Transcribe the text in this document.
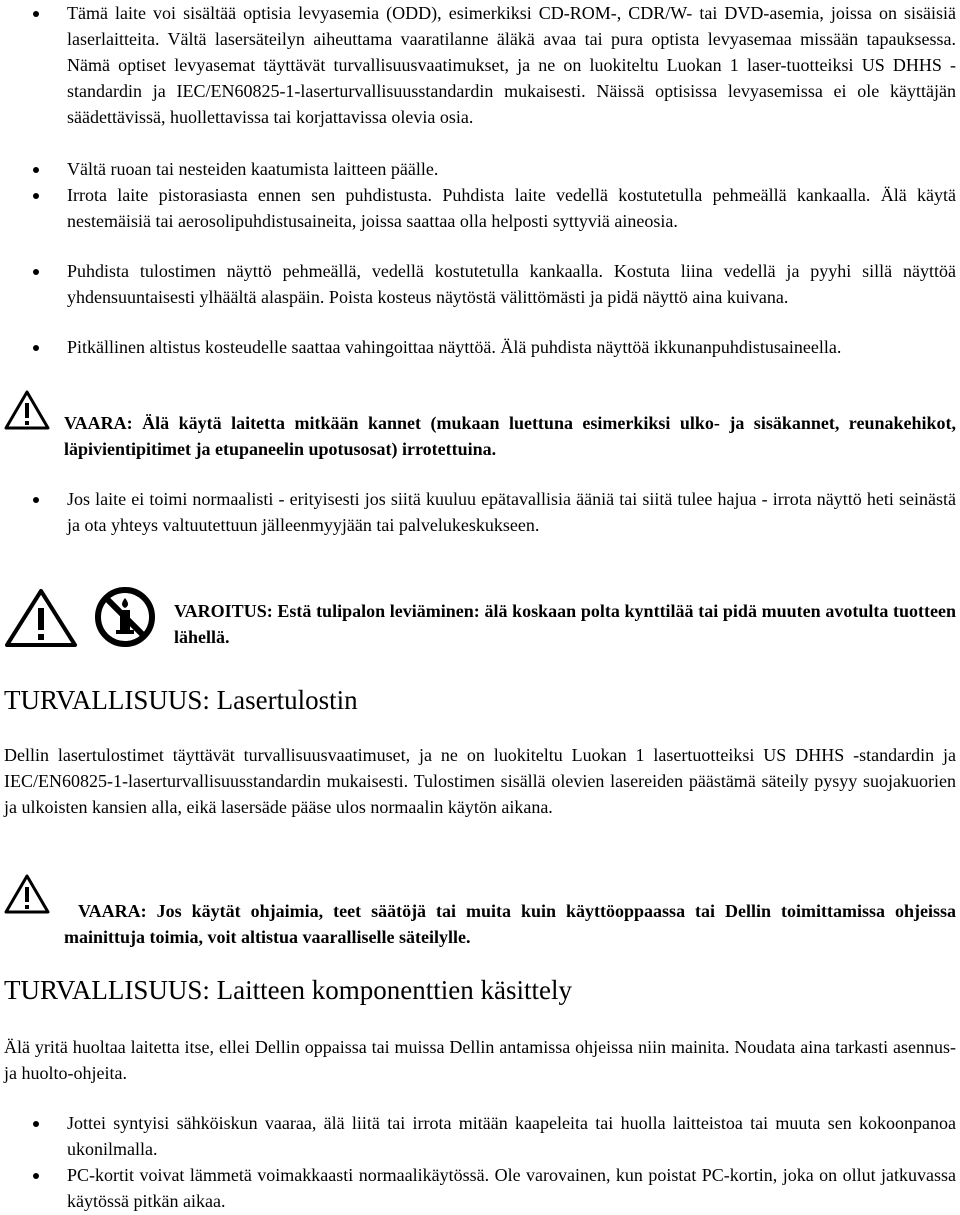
Tämä laite voi sisältää optisia levyasemia (ODD), esimerkiksi CD-ROM-, CDR/W- tai DVD-asemia, joissa on sisäisiä laserlaitteita. Vältä lasersäteilyn aiheuttama vaaratilanne äläkä avaa tai pura optista levyasemaa missään tapauksessa. Nämä optiset levyasemat täyttävät turvallisuusvaatimukset, ja ne on luokiteltu Luokan 1 laser-tuotteiksi US DHHS -standardin ja IEC/EN60825-1-laserturvallisuusstandardin mukaisesti. Näissä optisissa levyasemissa ei ole käyttäjän säädettävissä, huollettavissa tai korjattavissa olevia osia.

Vältä ruoan tai nesteiden kaatumista laitteen päälle.

Irrota laite pistorasiasta ennen sen puhdistusta. Puhdista laite vedellä kostutetulla pehmeällä kankaalla. Älä käytä nestemäisiä tai aerosolipuhdistusaineita, joissa saattaa olla helposti syttyviä aineosia.

Puhdista tulostimen näyttö pehmeällä, vedellä kostutetulla kankaalla. Kostuta liina vedellä ja pyyhi sillä näyttöä yhdensuuntaisesti ylhäältä alaspäin. Poista kosteus näytöstä välittömästi ja pidä näyttö aina kuivana.

Pitkällinen altistus kosteudelle saattaa vahingoittaa näyttöä. Älä puhdista näyttöä ikkunanpuhdistusaineella.

VAARA: Älä käytä laitetta mitkään kannet (mukaan luettuna esimerkiksi ulko- ja sisäkannet, reunakehikot, läpivientipitimet ja etupaneelin upotusosat) irrotettuina.

Jos laite ei toimi normaalisti - erityisesti jos siitä kuuluu epätavallisia ääniä tai siitä tulee hajua - irrota näyttö heti seinästä ja ota yhteys valtuutettuun jälleenmyyjään tai palvelukeskukseen.

VAROITUS: Estä tulipalon leviäminen: älä koskaan polta kynttilää tai pidä muuten avotulta tuotteen lähellä.

TURVALLISUUS: Lasertulostin

Dellin lasertulostimet täyttävät turvallisuusvaatimuset, ja ne on luokiteltu Luokan 1 lasertuotteiksi US DHHS -standardin ja IEC/EN60825-1-laserturvallisuusstandardin mukaisesti. Tulostimen sisällä olevien lasereiden päästämä säteily pysyy suojakuorien ja ulkoisten kansien alla, eikä lasersäde pääse ulos normaalin käytön aikana.

VAARA: Jos käytät ohjaimia, teet säätöjä tai muita kuin käyttöoppaassa tai Dellin toimittamissa ohjeissa mainittuja toimia, voit altistua vaaralliselle säteilylle.

TURVALLISUUS: Laitteen komponenttien käsittely

Älä yritä huoltaa laitetta itse, ellei Dellin oppaissa tai muissa Dellin antamissa ohjeissa niin mainita. Noudata aina tarkasti asennus- ja huolto-ohjeita.

Jottei syntyisi sähköiskun vaaraa, älä liitä tai irrota mitään kaapeleita tai huolla laitteistoa tai muuta sen kokoonpanoa ukonilmalla.

PC-kortit voivat lämmetä voimakkaasti normaalikäytössä. Ole varovainen, kun poistat PC-kortin, joka on ollut jatkuvassa käytössä pitkän aikaa.
